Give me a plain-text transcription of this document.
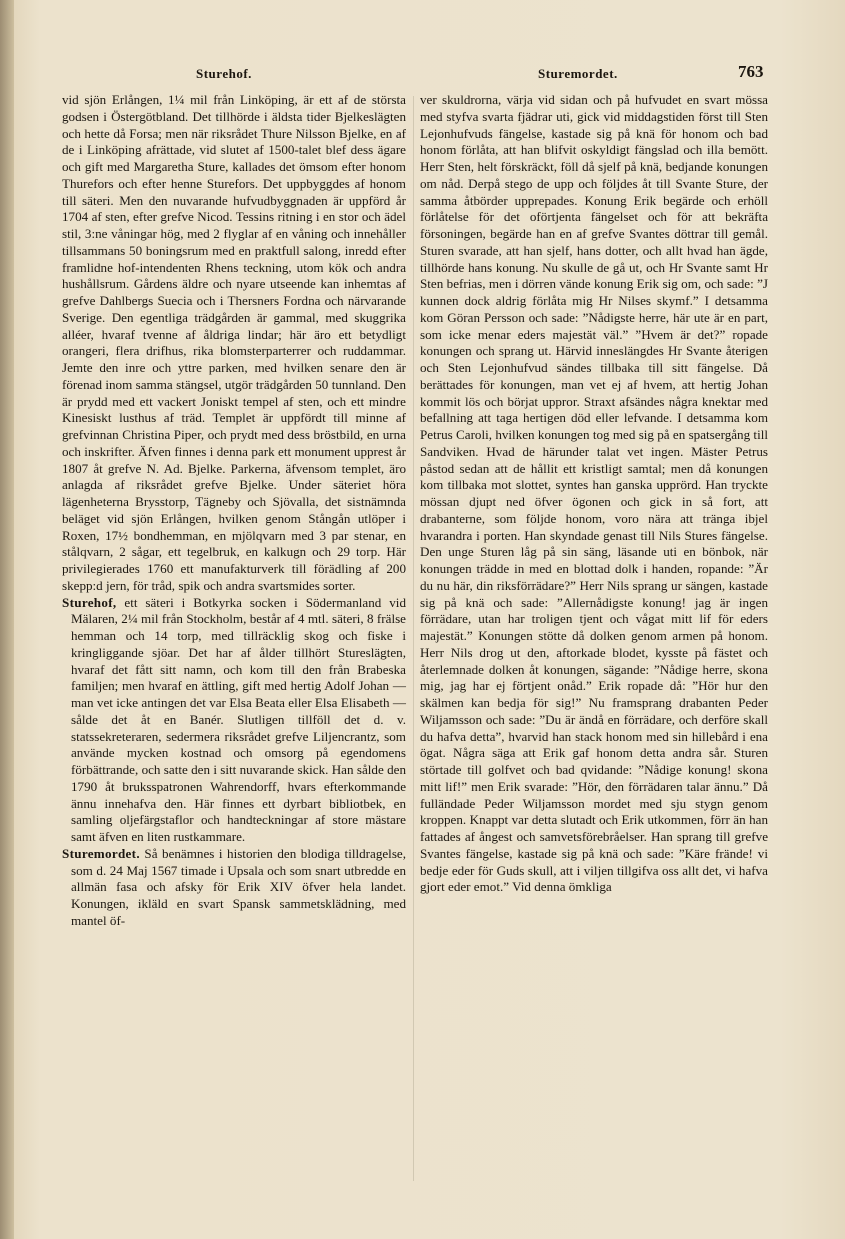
Sturehof.	Sturemordet.	763

vid sjön Erlången, 1¼ mil från Linköping, är ett af de största godsen i Östergötbland. Det tillhörde i äldsta tider Bjelkeslägten och hette då Forsa; men när riksrådet Thure Nilsson Bjelke, en af de i Linköping afrättade, vid slutet af 1500-talet blef dess ägare och gift med Margaretha Sture, kallades det ömsom efter honom Thurefors och efter henne Sturefors. Det uppbyggdes af honom till säteri. Men den nuvarande hufvudbyggnaden är uppförd år 1704 af sten, efter grefve Nicod. Tessins ritning i en stor och ädel stil, 3:ne våningar hög, med 2 flyglar af en våning och innehåller tillsammans 50 boningsrum med en praktfull salong, inredd efter framlidne hof-intendenten Rhens teckning, utom kök och andra hushållsrum. Gårdens äldre och nyare utseende kan inhemtas af grefve Dahlbergs Suecia och i Thersners Fordna och närvarande Sverige. Den egentliga trädgården är gammal, med skuggrika alléer, hvaraf tvenne af åldriga lindar; här äro ett betydligt orangeri, flera drifhus, rika blomsterparterrer och ruddammar. Jemte den inre och yttre parken, med hvilken senare den är förenad inom samma stängsel, utgör trädgården 50 tunnland. Den är prydd med ett vackert Joniskt tempel af sten, och ett mindre Kinesiskt lusthus af träd. Templet är uppfördt till minne af grefvinnan Christina Piper, och prydt med dess bröstbild, en urna och inskrifter. Äfven finnes i denna park ett monument upprest år 1807 åt grefve N. Ad. Bjelke. Parkerna, äfvensom templet, äro anlagda af riksrådet grefve Bjelke. Under säteriet höra lägenheterna Brysstorp, Tägneby och Sjövalla, det sistnämnda beläget vid sjön Erlången, hvilken genom Stångån utlöper i Roxen, 17½ bondhemman, en mjölqvarn med 3 par stenar, en stålqvarn, 2 sågar, ett tegelbruk, en kalkugn och 29 torp. Här privilegierades 1760 ett manufakturverk till förädling af 200 skepp:d jern, för tråd, spik och andra svartsmides sorter.

Sturehof, ett säteri i Botkyrka socken i Södermanland vid Mälaren, 2¼ mil från Stockholm, består af 4 mtl. säteri, 8 frälse hemman och 14 torp, med tillräcklig skog och fiske i kringliggande sjöar. Det har af ålder tillhört Stureslägten, hvaraf det fått sitt namn, och kom till den från Brabeska familjen; men hvaraf en ättling, gift med hertig Adolf Johan — man vet icke antingen det var Elsa Beata eller Elsa Elisabeth — sålde det åt en Banér. Slutligen tillföll det d. v. statssekreteraren, sedermera riksrådet grefve Liljencrantz, som använde mycken kostnad och omsorg på egendomens förbättrande, och satte den i sitt nuvarande skick. Han sålde den 1790 åt bruksspatronen Wahrendorff, hvars efterkommande ännu innehafva den. Här finnes ett dyrbart bibliotbek, en samling oljefärgstaflor och handteckningar af store mästare samt äfven en liten rustkammare.

Sturemordet. Så benämnes i historien den blodiga tilldragelse, som d. 24 Maj 1567 timade i Upsala och som snart utbredde en allmän fasa och afsky för Erik XIV öfver hela landet. Konungen, ikläld en svart Spansk sammetsklädning, med mantel öf-

ver skuldrorna, värja vid sidan och på hufvudet en svart mössa med styfva svarta fjädrar uti, gick vid middagstiden först till Sten Lejonhufvuds fängelse, kastade sig på knä för honom och bad honom förlåta, att han blifvit oskyldigt fängslad och illa bemött. Herr Sten, helt förskräckt, föll då sjelf på knä, bedjande konungen om nåd. Derpå stego de upp och följdes åt till Svante Sture, der samma åtbörder upprepades. Konung Erik begärde och erhöll förlåtelse för det oförtjenta fängelset och för att bekräfta försoningen, begärde han en af grefve Svantes döttrar till gemål. Sturen svarade, att han sjelf, hans dotter, och allt hvad han ägde, tillhörde hans konung. Nu skulle de gå ut, och Hr Svante samt Hr Sten befrias, men i dörren vände konung Erik sig om, och sade: ”J kunnen dock aldrig förlåta mig Hr Nilses skymf.” I detsamma kom Göran Persson och sade: ”Nådigste herre, här ute är en part, som icke menar eders majestät väl.” ”Hvem är det?” ropade konungen och sprang ut. Härvid inneslängdes Hr Svante återigen och Sten Lejonhufvud sändes tillbaka till sitt fängelse. Då berättades för konungen, man vet ej af hvem, att hertig Johan kommit lös och börjat uppror. Straxt afsändes några knektar med befallning att taga hertigen död eller lefvande. I detsamma kom Petrus Caroli, hvilken konungen tog med sig på en spatsergång till Sandviken. Hvad de härunder talat vet ingen. Mäster Petrus påstod sedan att de hållit ett kristligt samtal; men då konungen kom tillbaka mot slottet, syntes han ganska upprörd. Han tryckte mössan djupt ned öfver ögonen och gick in så fort, att drabanterne, som följde honom, voro nära att tränga ibjel hvarandra i porten. Han skyndade genast till Nils Stures fängelse. Den unge Sturen låg på sin säng, läsande uti en bönbok, när konungen trädde in med en blottad dolk i handen, ropande: ”Är du nu här, din riksförrädare?” Herr Nils sprang ur sängen, kastade sig på knä och sade: ”Allernådigste konung! jag är ingen förrädare, utan har troligen tjent och vågat mitt lif för eders majestät.” Konungen stötte då dolken genom armen på honom. Herr Nils drog ut den, aftorkade blodet, kysste på fästet och återlemnade dolken åt konungen, sägande: ”Nådige herre, skona mig, jag har ej förtjent onåd.” Erik ropade då: ”Hör hur den skälmen kan bedja för sig!” Nu framsprang drabanten Peder Wiljamsson och sade: ”Du är ändå en förrädare, och derföre skall du hafva detta”, hvarvid han stack honom med sin hillebård i ena ögat. Några säga att Erik gaf honom detta andra sår. Sturen störtade till golfvet och bad qvidande: ”Nådige konung! skona mitt lif!” men Erik svarade: ”Hör, den förrädaren talar ännu.” Då fulländade Peder Wiljamsson mordet med sju stygn genom kroppen. Knappt var detta slutadt och Erik utkommen, förr än han fattades af ångest och samvetsförebråelser. Han sprang till grefve Svantes fängelse, kastade sig på knä och sade: ”Käre frände! vi bedje eder för Guds skull, att i viljen tillgifva oss allt det, vi hafva gjort eder emot.” Vid denna ömkliga
